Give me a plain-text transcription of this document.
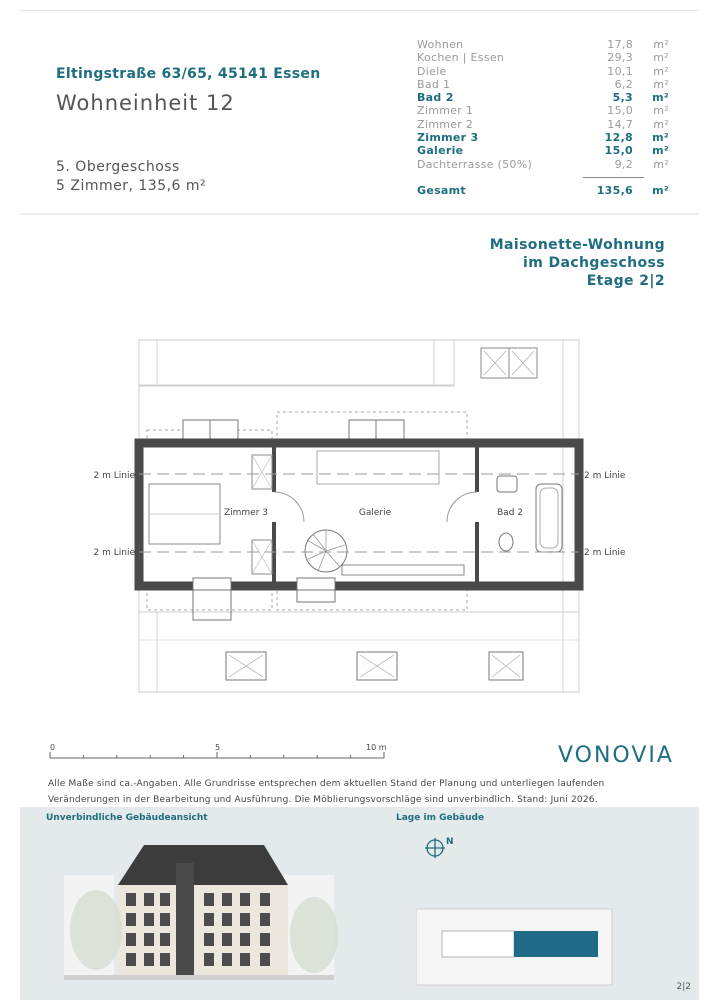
Eltingstraße 63/65, 45141 Essen
Wohneinheit 12
5. Obergeschoss
5 Zimmer, 135,6 m²
Wohnen	17,8 m²
Kochen | Essen	29,3 m²
Diele	10,1 m²
Bad 1	6,2 m²
Bad 2	5,3 m²
Zimmer 1	15,0 m²
Zimmer 2	14,7 m²
Zimmer 3	12,8 m²
Galerie	15,0 m²
Dachterrasse (50%)	9,2 m²
Gesamt	135,6 m²
Maisonette-Wohnung
im Dachgeschoss
Etage 2|2
Zimmer 3	Galerie	Bad 2
2 m Linie
2 m Linie
2 m Linie
2 m Linie
0	5	10 m	VONOVIA
Alle Maße sind ca.-Angaben. Alle Grundrisse entsprechen dem aktuellen Stand der Planung und unterliegen laufenden Veränderungen in der Bearbeitung und Ausführung. Die Möblierungsvorschläge sind unverbindlich. Stand: Juni 2026.
Unverbindliche Gebäudeansicht	Lage im Gebäude
N
2|2
